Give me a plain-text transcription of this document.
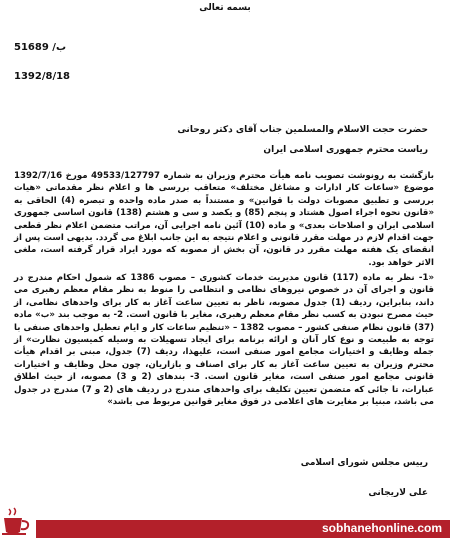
بسمه تعالی
51689 /ب
1392/8/18
حضرت حجت الاسلام والمسلمین جناب آقای دکتر روحانی
ریاست محترم جمهوری اسلامی ایران
بازگشت به رونوشت تصویب نامه هیأت محترم وزیران به شماره 49533/127797 مورخ 1392/7/16 موضوع «ساعات کار ادارات و مشاغل مختلف» متعاقب بررسی ها و اعلام نظر مقدماتی «هیات بررسی و تطبیق مصوبات دولت با قوانین» و مستنداً به صدر ماده واحده و تبصره (4) الحاقی به «قانون نحوه اجراء اصول هشتاد و پنجم (85) و یکصد و سی و هشتم (138) قانون اساسی جمهوری اسلامی ایران و اصلاحات بعدی» و ماده (10) آئین نامه اجرایی آن، مراتب متضمن اعلام نظر قطعی جهت اقدام لازم در مهلت مقرر قانونی و اعلام نتیجه به این جانب ابلاغ می گردد. بدیهی است پس از انقضای یک هفته مهلت مقرر در قانون، آن بخش از مصوبه که مورد ایراد قرار گرفته است، ملغی الاثر خواهد بود.
«1- نظر به ماده (117) قانون مدیریت خدمات کشوری – مصوب 1386 که شمول احکام مندرج در قانون و اجرای آن در خصوص نیروهای نظامی و انتظامی را منوط به نظر مقام معظم رهبری می داند، بنابراین، ردیف (1) جدول مصوبه، ناظر به تعیین ساعت آغاز به کار برای واحدهای نظامی، از حیث مصرح نبودن به کسب نظر مقام معظم رهبری، مغایر با قانون است. 2- به موجب بند «ب» ماده (37) قانون نظام صنفی کشور – مصوب 1382 – «تنظیم ساعات کار و ایام تعطیل واحدهای صنفی با توجه به طبیعت و نوع کار آنان و ارائه برنامه برای ایجاد تسهیلات به وسیله کمیسیون نظارت» از جمله وظایف و اختیارات مجامع امور صنفی است، علیهذا، ردیف (7) جدول، مبنی بر اقدام هیأت محترم وزیران به تعیین ساعت آغاز به کار برای اصناف و بازاریان، چون محل وظایف و اختیارات قانونی مجامع امور صنفی است، مغایر قانون است. 3- بندهای (2 و 3) مصوبه، از حیث اطلاق عبارات، تا جائی که متضمن تعیین تکلیف برای واحدهای مندرج در ردیف های (2 و 7) مندرج در جدول می باشد، مبنیا بر مغایرت های اعلامی در فوق مغایر قوانین مربوط می باشد»
رییس مجلس شورای اسلامی
علی لاریجانی
sobhanehonline.com
